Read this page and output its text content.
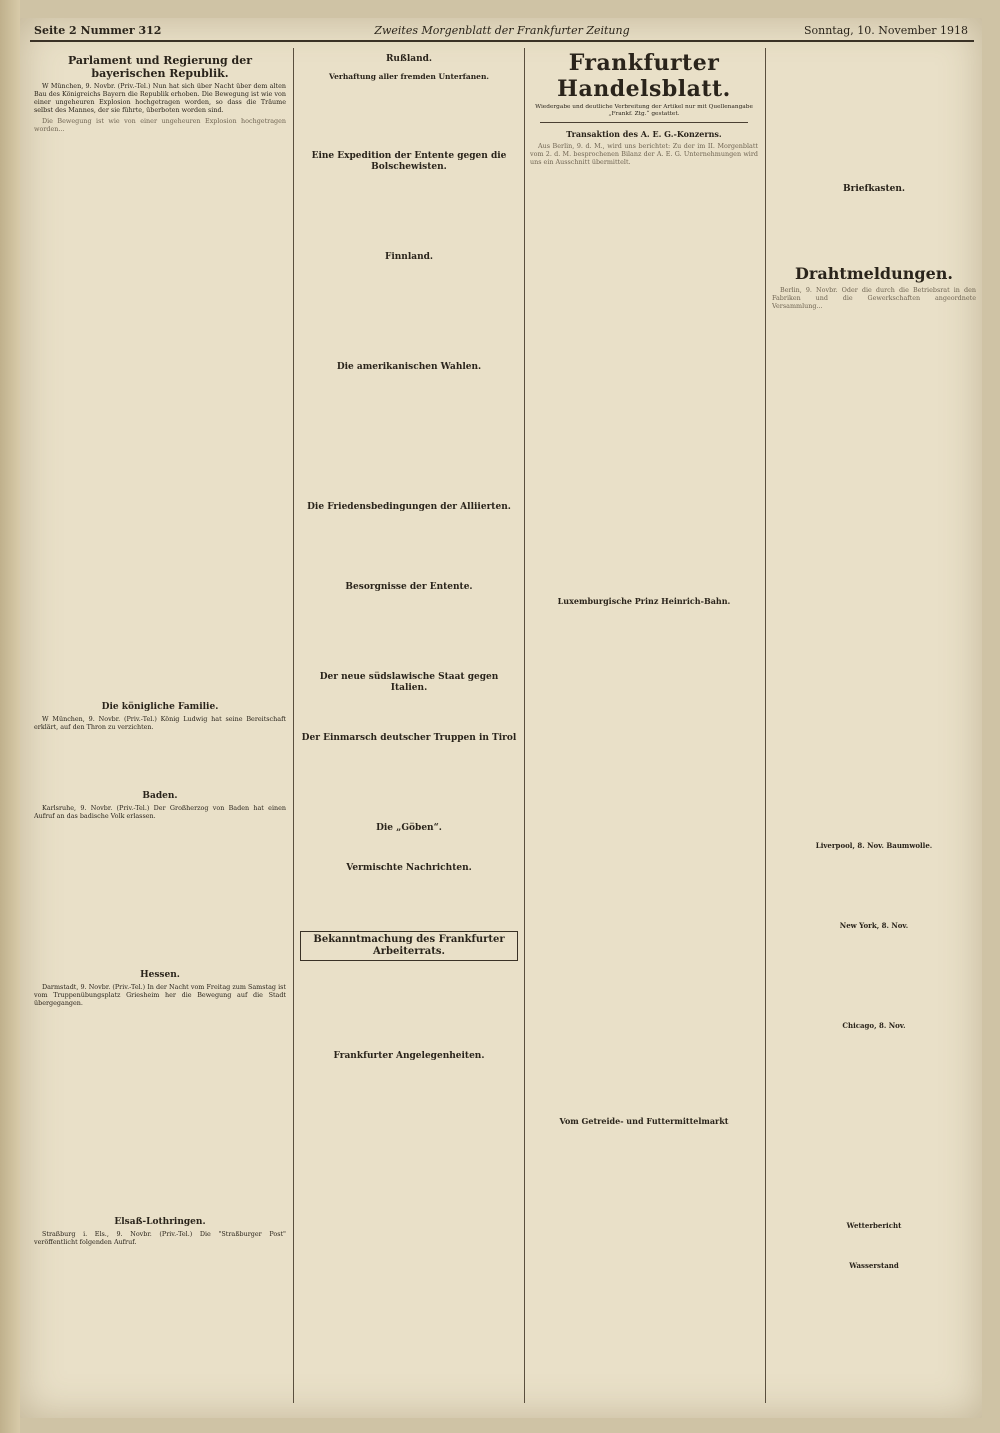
Seite 2 Nummer 312	Zweites Morgenblatt der Frankfurter Zeitung	Sonntag, 10. November 1918
Parlament und Regierung der bayerischen Republik.

W München, 9. Novbr. (Priv.-Tel.) Nun hat sich über Nacht über dem alten Bau des Königreichs Bayern die Republik erhoben. Die Bewegung ist wie von einer ungeheuren Explosion hochgetragen worden, so dass die Träume selbst des Mannes, der sie führte, überboten worden sind.

Die Bewegung ist wie von einer ungeheuren Explosion hochgetragen worden...

Die königliche Familie.

W München, 9. Novbr. (Priv.-Tel.) König Ludwig hat seine Bereitschaft erklärt, auf den Thron zu verzichten.

Baden.

Karlsruhe, 9. Novbr. (Priv.-Tel.) Der Großherzog von Baden hat einen Aufruf an das badische Volk erlassen.

Hessen.

Darmstadt, 9. Novbr. (Priv.-Tel.) In der Nacht vom Freitag zum Samstag ist vom Truppenübungsplatz Griesheim her die Bewegung auf die Stadt übergegangen.

Elsaß-Lothringen.

Straßburg i. Els., 9. Novbr. (Priv.-Tel.) Die "Straßburger Post" veröffentlicht folgenden Aufruf.

Rußland.
Verhaftung aller fremden Unterfanen.
Eine Expedition der Entente gegen die Bolschewisten.
Finnland.
Die amerikanischen Wahlen.
Die Friedensbedingungen der Alliierten.
Besorgnisse der Entente.
Der neue südslawische Staat gegen Italien.
Der Einmarsch deutscher Truppen in Tirol
Die „Göben“.
Vermischte Nachrichten.
Bekanntmachung des Frankfurter Arbeiterrats.
Frankfurter Angelegenheiten.
Frankfurter Handelsblatt.
Wiedergabe und deutliche Verbreitung der Artikel nur mit Quellenangabe „Frankf. Ztg.“ gestattet.
Transaktion des A. E. G.-Konzerns.

Aus Berlin, 9. d. M., wird uns berichtet: Zu der im II. Morgenblatt vom 2. d. M. besprochenen Bilanz der A. E. G. Unternehmungen wird uns ein Ausschnitt übermittelt.

Luxemburgische Prinz Heinrich-Bahn.
Vom Getreide- und Futtermittelmarkt
Briefkasten.
Drahtmeldungen.

Berlin, 9. Novbr. Oder die durch die Betriebsrat in den Fabriken und die Gewerkschaften angeordnete Versammlung...

Liverpool, 8. Nov. Baumwolle.
New York, 8. Nov.
Chicago, 8. Nov.
Wetterbericht
Wasserstand
